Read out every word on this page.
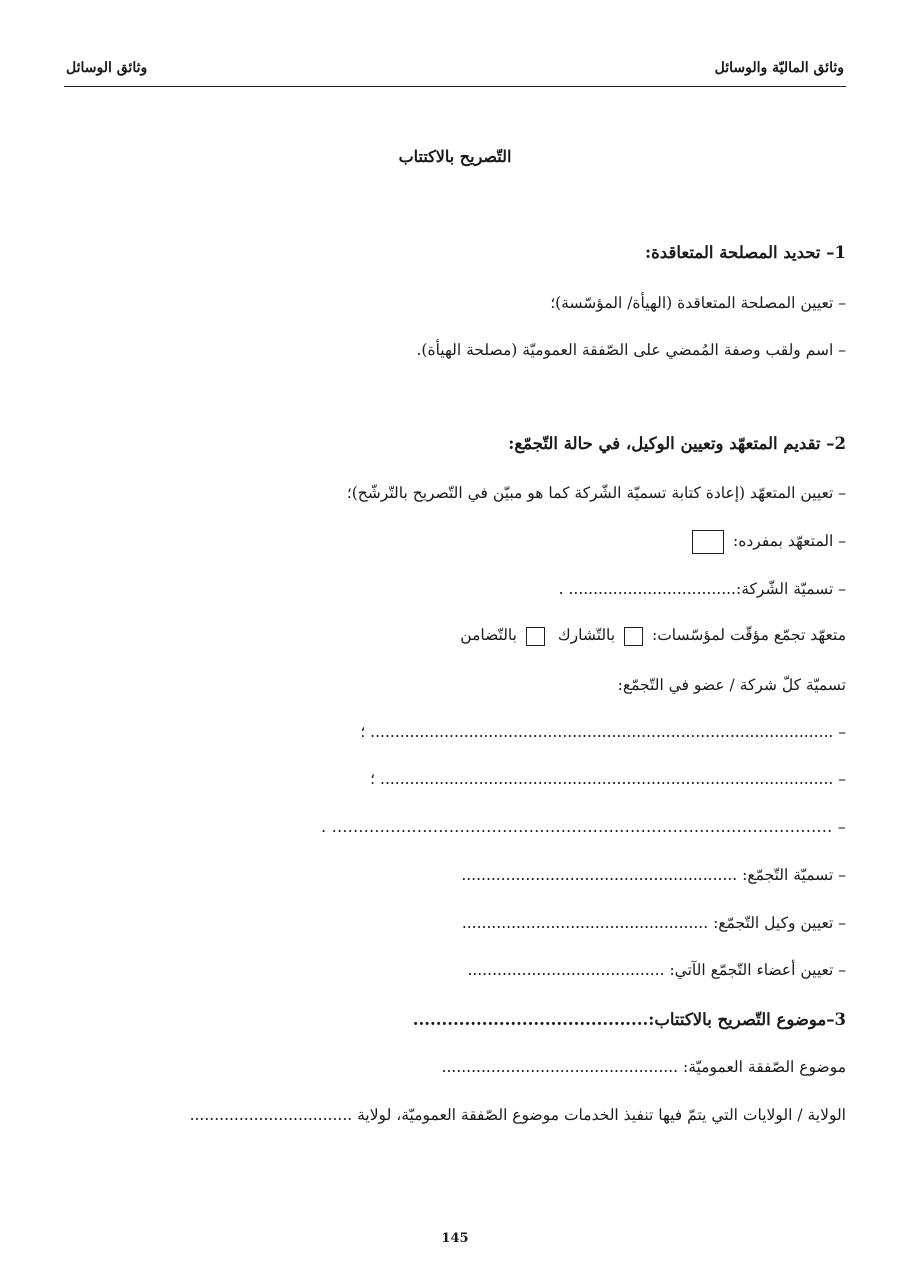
وثائق الماليّة والوسائل
وثائق الوسائل
التّصريح بالاكتتاب
1– تحديد المصلحة المتعاقدة:
– تعيين المصلحة المتعاقدة (الهيأة/ المؤسّسة)؛
– اسم ولقب وصفة المُمضي على الصّفقة العموميّة (مصلحة الهيأة).
2– تقديم المتعهّد وتعيين الوكيل، في حالة التّجمّع:
– تعيين المتعهّد (إعادة كتابة تسميّة الشّركة كما هو مبيّن في التّصريح بالتّرشّح)؛
– المتعهّد بمفرده:
– تسميّة الشّركة:.................................. .
متعهّد تجمّع مؤقّت لمؤسّسات:  بالتّشارك  بالتّضامن
تسميّة كلّ شركة / عضو في التّجمّع:
– .............................................................................................. ؛
– ............................................................................................ ؛
– .............................................................................................. .
– تسميّة التّجمّع: ........................................................
– تعيين وكيل التّجمّع: ..................................................
– تعيين أعضاء التّجمّع الآتي: ........................................
3–موضوع التّصريح بالاكتتاب:.........................................
موضوع الصّفقة العموميّة: ................................................
الولاية / الولايات التي يتمّ فيها تنفيذ الخدمات موضوع الصّفقة العموميّة، لولاية .................................
145
